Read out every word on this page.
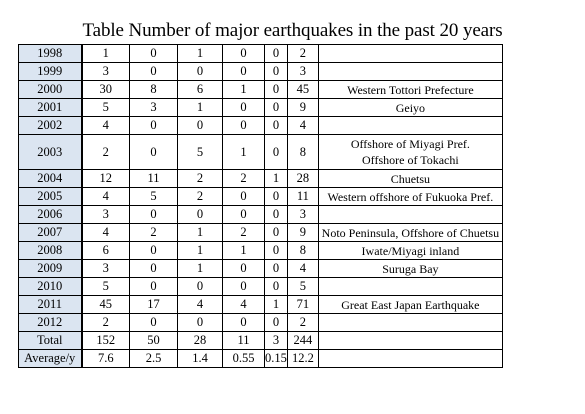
Table Number of major earthquakes in the past 20 years
1998	1	0	1	0	0	2	
1999	3	0	0	0	0	3	
2000	30	8	6	1	0	45	Western Tottori Prefecture

2001	5	3	1	0	0	9	Geiyo

2002	4	0	0	0	0	4	
2003	2	0	5	1	0	8	Offshore of Miyagi Pref.
Offshore of Tokachi

2004	12	11	2	2	1	28	Chuetsu

2005	4	5	2	0	0	11	Western offshore of Fukuoka Pref.

2006	3	0	0	0	0	3	
2007	4	2	1	2	0	9	Noto Peninsula, Offshore of Chuetsu

2008	6	0	1	1	0	8	Iwate/Miyagi inland

2009	3	0	1	0	0	4	Suruga Bay

2010	5	0	0	0	0	5	
2011	45	17	4	4	1	71	Great East Japan Earthquake

2012	2	0	0	0	0	2	
Total	152	50	28	11	3	244	
Average/y	7.6	2.5	1.4	0.55	0.15	12.2	
